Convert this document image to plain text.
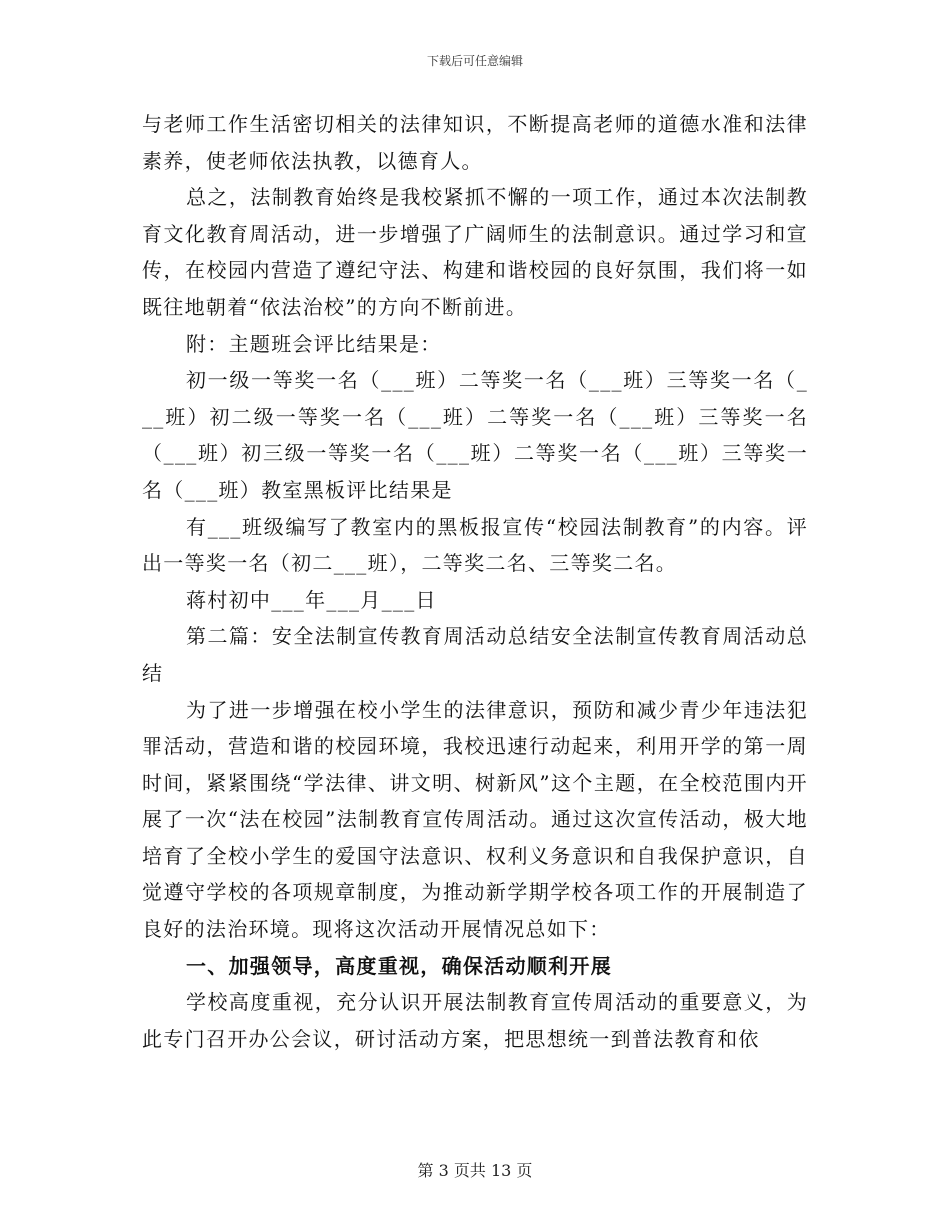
下载后可任意编辑

与老师工作生活密切相关的法律知识，不断提高老师的道德水准和法律素养，使老师依法执教，以德育人。

总之，法制教育始终是我校紧抓不懈的一项工作，通过本次法制教育文化教育周活动，进一步增强了广阔师生的法制意识。通过学习和宣传，在校园内营造了遵纪守法、构建和谐校园的良好氛围，我们将一如既往地朝着“依法治校”的方向不断前进。

附：主题班会评比结果是：

初一级一等奖一名（___班）二等奖一名（___班）三等奖一名（___班）初二级一等奖一名（___班）二等奖一名（___班）三等奖一名（___班）初三级一等奖一名（___班）二等奖一名（___班）三等奖一名（___班）教室黑板评比结果是

有___班级编写了教室内的黑板报宣传“校园法制教育”的内容。评出一等奖一名（初二___班），二等奖二名、三等奖二名。

蒋村初中___年___月___日

第二篇：安全法制宣传教育周活动总结安全法制宣传教育周活动总结

为了进一步增强在校小学生的法律意识，预防和减少青少年违法犯罪活动，营造和谐的校园环境，我校迅速行动起来，利用开学的第一周时间，紧紧围绕“学法律、讲文明、树新风”这个主题，在全校范围内开展了一次“法在校园”法制教育宣传周活动。通过这次宣传活动，极大地培育了全校小学生的爱国守法意识、权利义务意识和自我保护意识，自觉遵守学校的各项规章制度，为推动新学期学校各项工作的开展制造了良好的法治环境。现将这次活动开展情况总如下：

一、加强领导，高度重视，确保活动顺利开展

学校高度重视，充分认识开展法制教育宣传周活动的重要意义，为此专门召开办公会议，研讨活动方案，把思想统一到普法教育和依

第 3 页共 13 页
